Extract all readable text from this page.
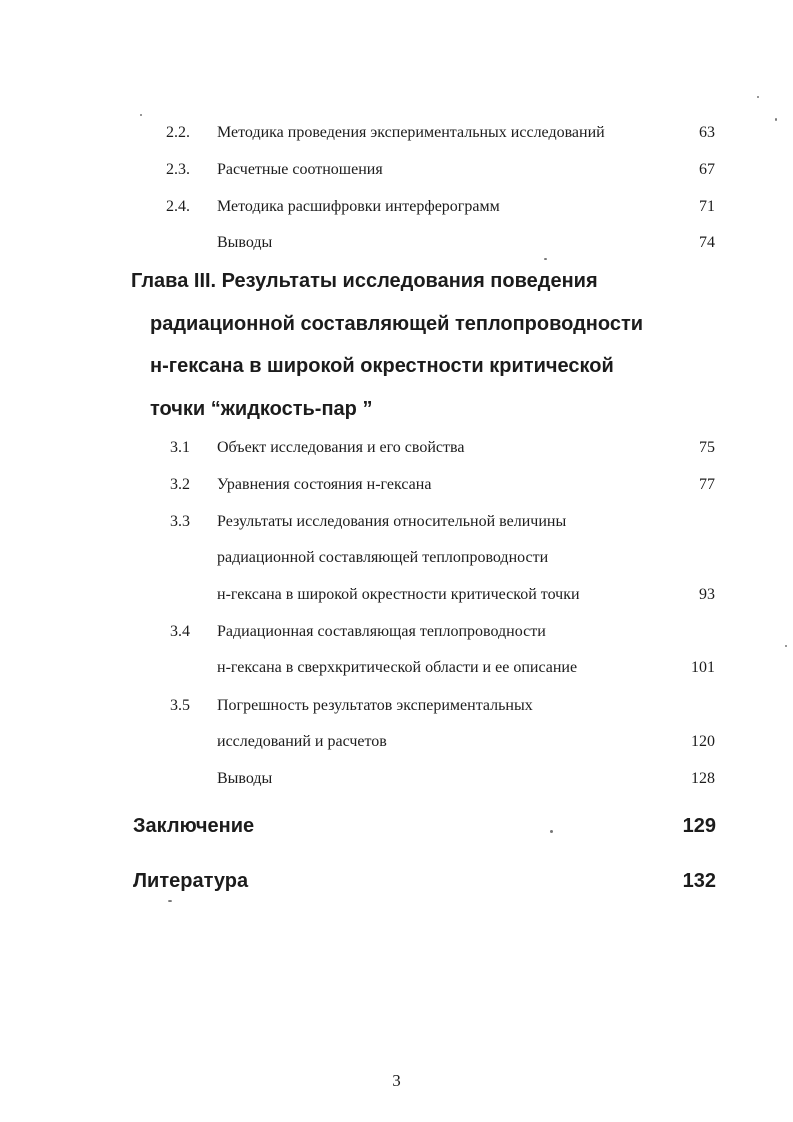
2.2. Методика проведения экспериментальных исследований	63
2.3. Расчетные соотношения	67
2.4. Методика расшифровки интерферограмм	71
Выводы	74
Глава III. Результаты исследования поведения
радиационной составляющей теплопроводности
н-гексана в широкой окрестности критической
точки “жидкость-пар ”
3.1 Объект исследования и его свойства	75
3.2 Уравнения состояния н-гексана	77
3.3 Результаты исследования относительной величины
радиационной составляющей теплопроводности
н-гексана в широкой окрестности критической точки	93
3.4 Радиационная составляющая теплопроводности
н-гексана в сверхкритической области и ее описание	101
3.5 Погрешность результатов экспериментальных
исследований и расчетов	120
Выводы	128
Заключение	129
Литература	132
3
